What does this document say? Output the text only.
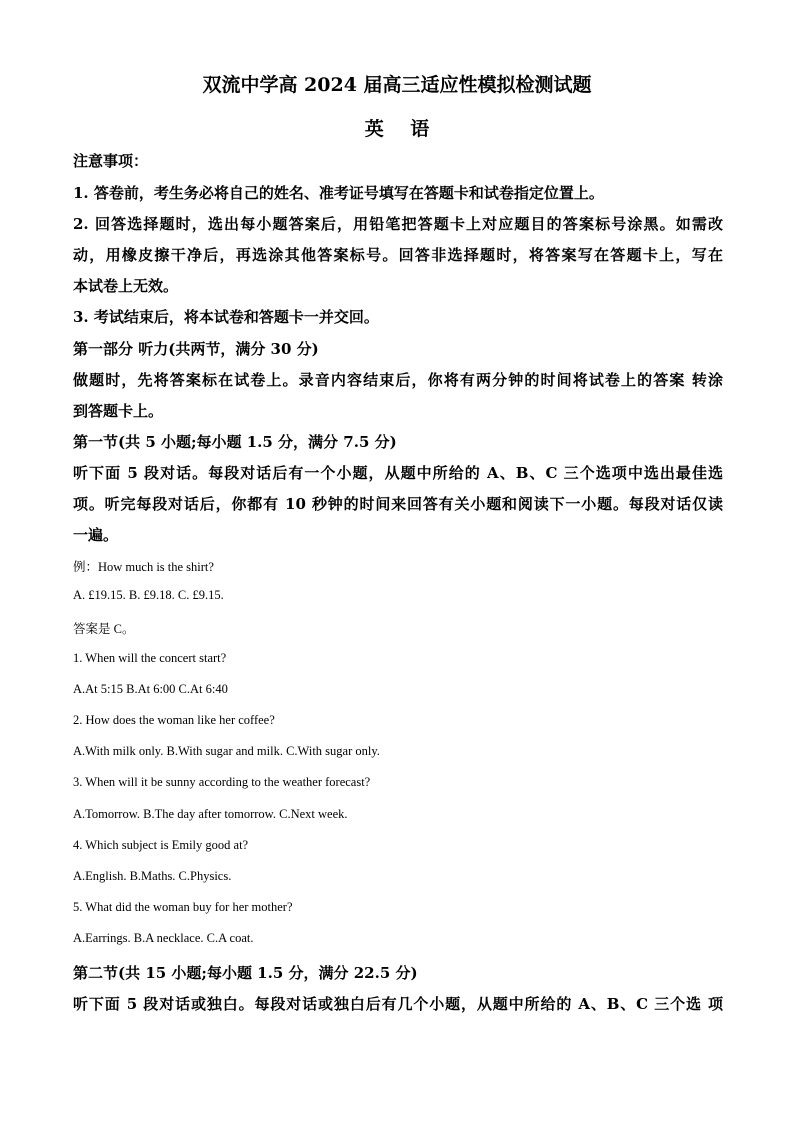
双流中学高 2024 届高三适应性模拟检测试题
英 语
注意事项：
1. 答卷前，考生务必将自己的姓名、准考证号填写在答题卡和试卷指定位置上。
2. 回答选择题时，选出每小题答案后，用铅笔把答题卡上对应题目的答案标号涂黑。如需改
动，用橡皮擦干净后，再选涂其他答案标号。回答非选择题时，将答案写在答题卡上，写在
本试卷上无效。
3. 考试结束后，将本试卷和答题卡一并交回。
第一部分 听力(共两节，满分 30 分)
做题时，先将答案标在试卷上。录音内容结束后，你将有两分钟的时间将试卷上的答案 转涂
到答题卡上。
第一节(共 5 小题;每小题 1.5 分，满分 7.5 分)
听下面 5 段对话。每段对话后有一个小题，从题中所给的 A、B、C 三个选项中选出最佳选
项。听完每段对话后，你都有 10 秒钟的时间来回答有关小题和阅读下一小题。每段对话仅读
一遍。
例：How much is the shirt?
A. £19.15. B. £9.18. C. £9.15.
答案是 C。
1. When will the concert start?
A.At 5:15 B.At 6:00 C.At 6:40
2. How does the woman like her coffee?
A.With milk only. B.With sugar and milk. C.With sugar only.
3. When will it be sunny according to the weather forecast?
A.Tomorrow. B.The day after tomorrow. C.Next week.
4. Which subject is Emily good at?
A.English. B.Maths. C.Physics.
5. What did the woman buy for her mother?
A.Earrings. B.A necklace. C.A coat.
第二节(共 15 小题;每小题 1.5 分，满分 22.5 分)
听下面 5 段对话或独白。每段对话或独白后有几个小题，从题中所给的 A、B、C 三个选 项
